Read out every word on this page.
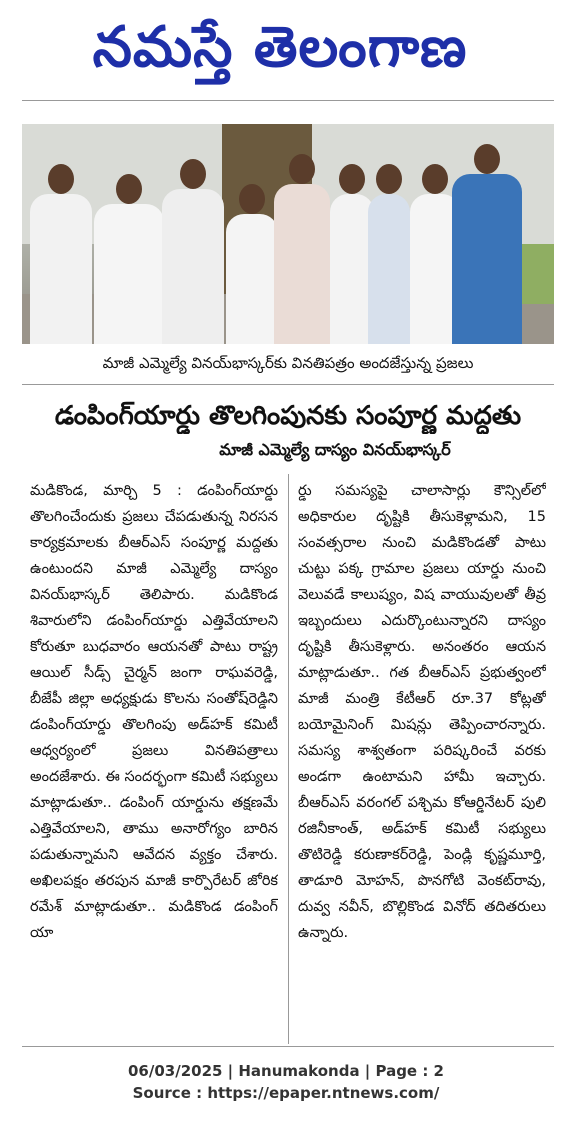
నమస్తే తెలంగాణ
మాజీ ఎమ్మెల్యే వినయ్‌భాస్కర్‌కు వినతిపత్రం అందజేస్తున్న ప్రజలు
డంపింగ్‌యార్డు తొలగింపునకు సంపూర్ణ మద్దతు
మాజీ ఎమ్మెల్యే దాస్యం వినయ్‌భాస్కర్

మడికొండ, మార్చి 5 : డంపింగ్‌యార్డు తొలగించేందుకు ప్రజలు చేపడుతున్న నిరసన కార్యక్రమాలకు బీఆర్‌ఎస్ సంపూర్ణ మద్దతు ఉంటుందని మాజీ ఎమ్మెల్యే దాస్యం వినయ్‌భాస్కర్ తెలిపారు. మడికొండ శివారులోని డంపింగ్‌యార్డు ఎత్తివేయాలని కోరుతూ బుధవారం ఆయనతో పాటు రాష్ట్ర ఆయిల్ సీడ్స్ చైర్మన్ జంగా రాఘవరెడ్డి, బీజేపీ జిల్లా అధ్యక్షుడు కొలను సంతోష్‌రెడ్డిని డంపింగ్‌యార్డు తొలగింపు అడ్‌హక్ కమిటీ ఆధ్వర్యంలో ప్రజలు వినతిపత్రాలు అందజేశారు. ఈ సందర్భంగా కమిటీ సభ్యులు మాట్లాడుతూ.. డంపింగ్ యార్డును తక్షణమే ఎత్తివేయాలని, తాము అనారోగ్యం బారిన పడుతున్నామని ఆవేదన వ్యక్తం చేశారు. అఖిలపక్షం తరపున మాజీ కార్పొరేటర్ జోరిక రమేశ్ మాట్లాడుతూ.. మడికొండ డంపింగ్ యా

ర్డు సమస్యపై చాలాసార్లు కౌన్సిల్‌లో అధికారుల దృష్టికి తీసుకెళ్లామని, 15 సంవత్సరాల నుంచి మడికొండతో పాటు చుట్టు పక్క గ్రామాల ప్రజలు యార్డు నుంచి వెలువడే కాలుష్యం, విష వాయువులతో తీవ్ర ఇబ్బందులు ఎదుర్కొంటున్నారని దాస్యం దృష్టికి తీసుకెళ్లారు. అనంతరం ఆయన మాట్లాడుతూ.. గత బీఆర్‌ఎస్ ప్రభుత్వంలో మాజీ మంత్రి కేటీఆర్ రూ.37 కోట్లతో బయోమైనింగ్ మిషన్లు తెప్పించారన్నారు. సమస్య శాశ్వతంగా పరిష్కరించే వరకు అండగా ఉంటామని హామీ ఇచ్చారు. బీఆర్‌ఎస్ వరంగల్ పశ్చిమ కోఆర్డినేటర్ పులి రజినీకాంత్, అడ్‌హక్ కమిటీ సభ్యులు తొటిరెడ్డి కరుణాకర్‌రెడ్డి, పెండ్లి కృష్ణమూర్తి, తాడూరి మోహన్, పొనగోటి వెంకట్‌రావు, దువ్వ నవీన్, బొల్లికొండ వినోద్ తదితరులు ఉన్నారు.

06/03/2025 | Hanumakonda | Page : 2
Source : https://epaper.ntnews.com/
